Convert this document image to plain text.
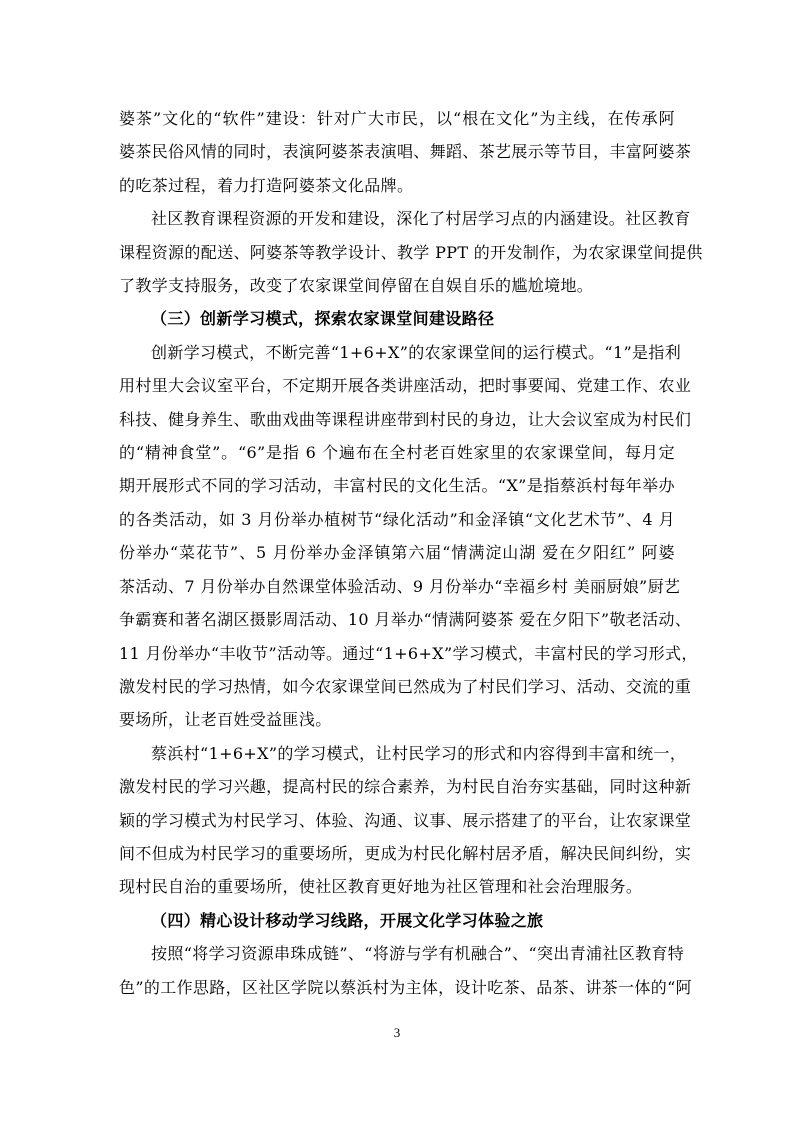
婆茶”文化的“软件”建设：针对广大市民，以“根在文化”为主线，在传承阿
婆茶民俗风情的同时，表演阿婆茶表演唱、舞蹈、茶艺展示等节目，丰富阿婆茶
的吃茶过程，着力打造阿婆茶文化品牌。

社区教育课程资源的开发和建设，深化了村居学习点的内涵建设。社区教育
课程资源的配送、阿婆茶等教学设计、教学 PPT 的开发制作，为农家课堂间提供
了教学支持服务，改变了农家课堂间停留在自娱自乐的尴尬境地。

（三）创新学习模式，探索农家课堂间建设路径

创新学习模式，不断完善“1+6+X”的农家课堂间的运行模式。“1”是指利
用村里大会议室平台，不定期开展各类讲座活动，把时事要闻、党建工作、农业
科技、健身养生、歌曲戏曲等课程讲座带到村民的身边，让大会议室成为村民们
的“精神食堂”。“6”是指 6 个遍布在全村老百姓家里的农家课堂间，每月定
期开展形式不同的学习活动，丰富村民的文化生活。“X”是指蔡浜村每年举办
的各类活动，如 3 月份举办植树节“绿化活动”和金泽镇“文化艺术节”、4 月
份举办“菜花节”、5 月份举办金泽镇第六届“情满淀山湖 爱在夕阳红” 阿婆
茶活动、7 月份举办自然课堂体验活动、9 月份举办“幸福乡村 美丽厨娘”厨艺
争霸赛和著名湖区摄影周活动、10 月举办“情满阿婆茶 爱在夕阳下”敬老活动、
11 月份举办“丰收节”活动等。通过“1+6+X”学习模式，丰富村民的学习形式，
激发村民的学习热情，如今农家课堂间已然成为了村民们学习、活动、交流的重
要场所，让老百姓受益匪浅。

蔡浜村“1+6+X”的学习模式，让村民学习的形式和内容得到丰富和统一，
激发村民的学习兴趣，提高村民的综合素养，为村民自治夯实基础，同时这种新
颖的学习模式为村民学习、体验、沟通、议事、展示搭建了的平台，让农家课堂
间不但成为村民学习的重要场所，更成为村民化解村居矛盾，解决民间纠纷，实
现村民自治的重要场所，使社区教育更好地为社区管理和社会治理服务。

（四）精心设计移动学习线路，开展文化学习体验之旅

按照“将学习资源串珠成链”、“将游与学有机融合”、“突出青浦社区教育特
色”的工作思路，区社区学院以蔡浜村为主体，设计吃茶、品茶、讲茶一体的“阿

3
